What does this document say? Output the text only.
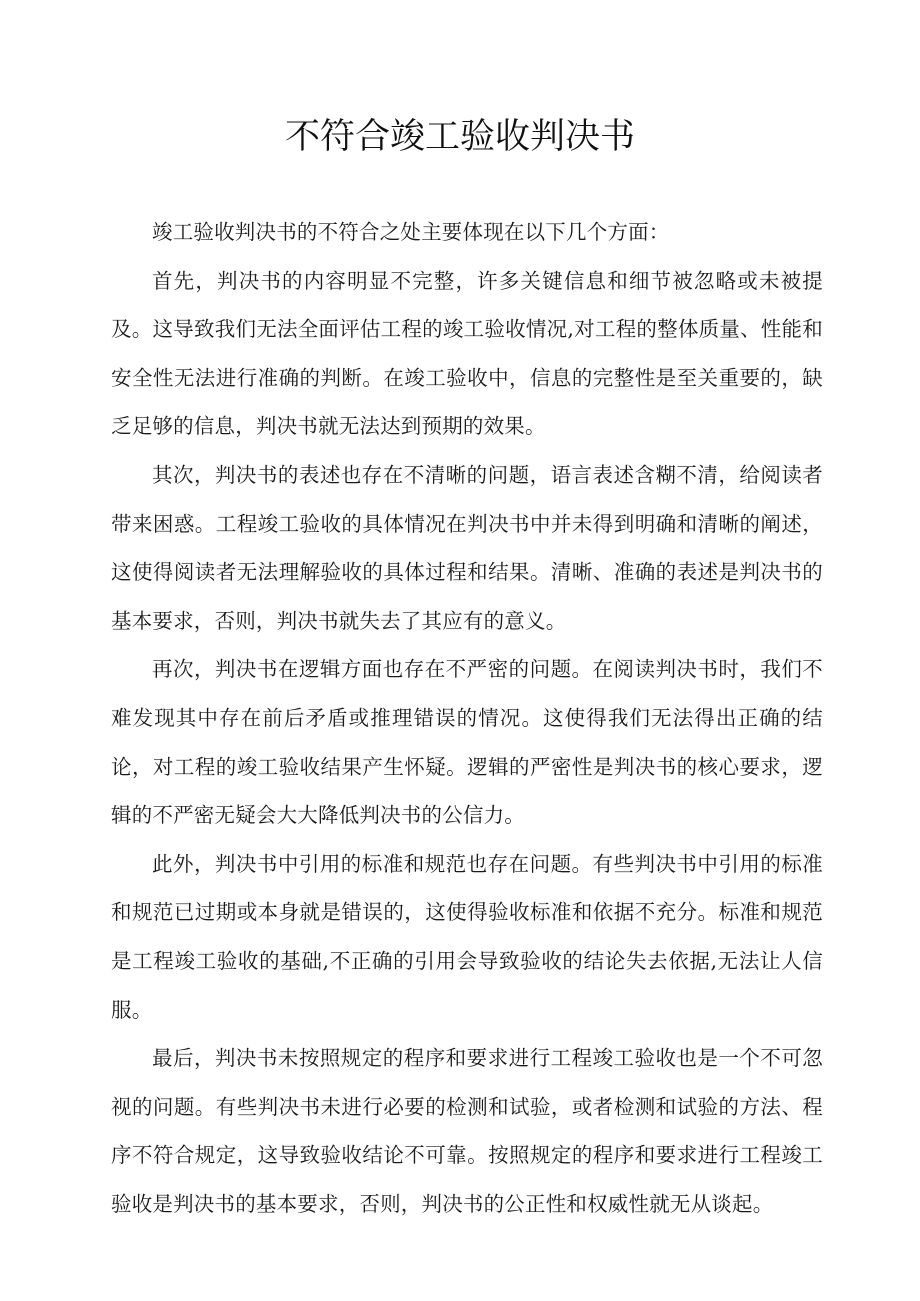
不符合竣工验收判决书

竣工验收判决书的不符合之处主要体现在以下几个方面：

首先，判决书的内容明显不完整，许多关键信息和细节被忽略或未被提及。这导致我们无法全面评估工程的竣工验收情况,对工程的整体质量、性能和安全性无法进行准确的判断。在竣工验收中，信息的完整性是至关重要的，缺乏足够的信息，判决书就无法达到预期的效果。

其次，判决书的表述也存在不清晰的问题，语言表述含糊不清，给阅读者带来困惑。工程竣工验收的具体情况在判决书中并未得到明确和清晰的阐述，这使得阅读者无法理解验收的具体过程和结果。清晰、准确的表述是判决书的基本要求，否则，判决书就失去了其应有的意义。

再次，判决书在逻辑方面也存在不严密的问题。在阅读判决书时，我们不难发现其中存在前后矛盾或推理错误的情况。这使得我们无法得出正确的结论，对工程的竣工验收结果产生怀疑。逻辑的严密性是判决书的核心要求，逻辑的不严密无疑会大大降低判决书的公信力。

此外，判决书中引用的标准和规范也存在问题。有些判决书中引用的标准和规范已过期或本身就是错误的，这使得验收标准和依据不充分。标准和规范是工程竣工验收的基础,不正确的引用会导致验收的结论失去依据,无法让人信服。

最后，判决书未按照规定的程序和要求进行工程竣工验收也是一个不可忽视的问题。有些判决书未进行必要的检测和试验，或者检测和试验的方法、程序不符合规定，这导致验收结论不可靠。按照规定的程序和要求进行工程竣工验收是判决书的基本要求，否则，判决书的公正性和权威性就无从谈起。
